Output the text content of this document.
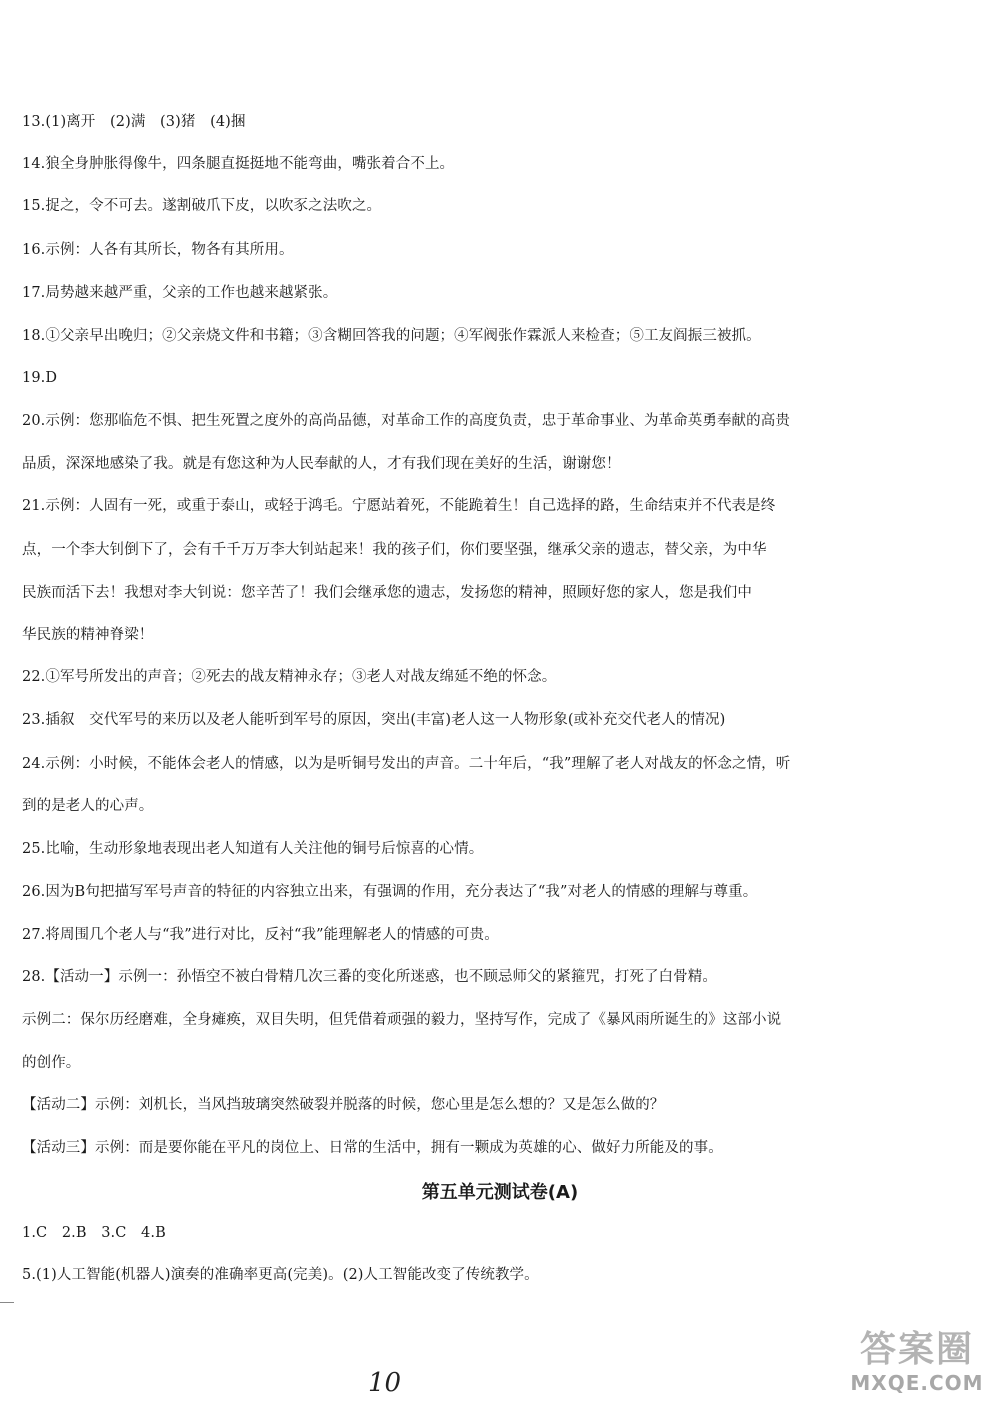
13.(1)离开　(2)满　(3)猪　(4)捆
14.狼全身肿胀得像牛，四条腿直挺挺地不能弯曲，嘴张着合不上。
15.捉之，令不可去。遂割破爪下皮，以吹豕之法吹之。
16.示例：人各有其所长，物各有其所用。
17.局势越来越严重，父亲的工作也越来越紧张。
18.①父亲早出晚归；②父亲烧文件和书籍；③含糊回答我的问题；④军阀张作霖派人来检查；⑤工友阎振三被抓。
19.D
20.示例：您那临危不惧、把生死置之度外的高尚品德，对革命工作的高度负责，忠于革命事业、为革命英勇奉献的高贵
品质，深深地感染了我。就是有您这种为人民奉献的人，才有我们现在美好的生活，谢谢您！
21.示例：人固有一死，或重于泰山，或轻于鸿毛。宁愿站着死，不能跪着生！自己选择的路，生命结束并不代表是终
点，一个李大钊倒下了，会有千千万万李大钊站起来！我的孩子们，你们要坚强，继承父亲的遗志，替父亲，为中华
民族而活下去！我想对李大钊说：您辛苦了！我们会继承您的遗志，发扬您的精神，照顾好您的家人，您是我们中
华民族的精神脊梁！
22.①军号所发出的声音；②死去的战友精神永存；③老人对战友绵延不绝的怀念。
23.插叙　交代军号的来历以及老人能听到军号的原因，突出(丰富)老人这一人物形象(或补充交代老人的情况)
24.示例：小时候，不能体会老人的情感，以为是听铜号发出的声音。二十年后，“我”理解了老人对战友的怀念之情，听
到的是老人的心声。
25.比喻，生动形象地表现出老人知道有人关注他的铜号后惊喜的心情。
26.因为B句把描写军号声音的特征的内容独立出来，有强调的作用，充分表达了“我”对老人的情感的理解与尊重。
27.将周围几个老人与“我”进行对比，反衬“我”能理解老人的情感的可贵。
28.【活动一】示例一：孙悟空不被白骨精几次三番的变化所迷惑，也不顾忌师父的紧箍咒，打死了白骨精。
示例二：保尔历经磨难，全身瘫痪，双目失明，但凭借着顽强的毅力，坚持写作，完成了《暴风雨所诞生的》这部小说
的创作。
【活动二】示例：刘机长，当风挡玻璃突然破裂并脱落的时候，您心里是怎么想的？又是怎么做的？
【活动三】示例：而是要你能在平凡的岗位上、日常的生活中，拥有一颗成为英雄的心、做好力所能及的事。
第五单元测试卷(A)
1.C　2.B　3.C　4.B
5.(1)人工智能(机器人)演奏的准确率更高(完美)。(2)人工智能改变了传统教学。
10
答案圈
MXQE.COM
